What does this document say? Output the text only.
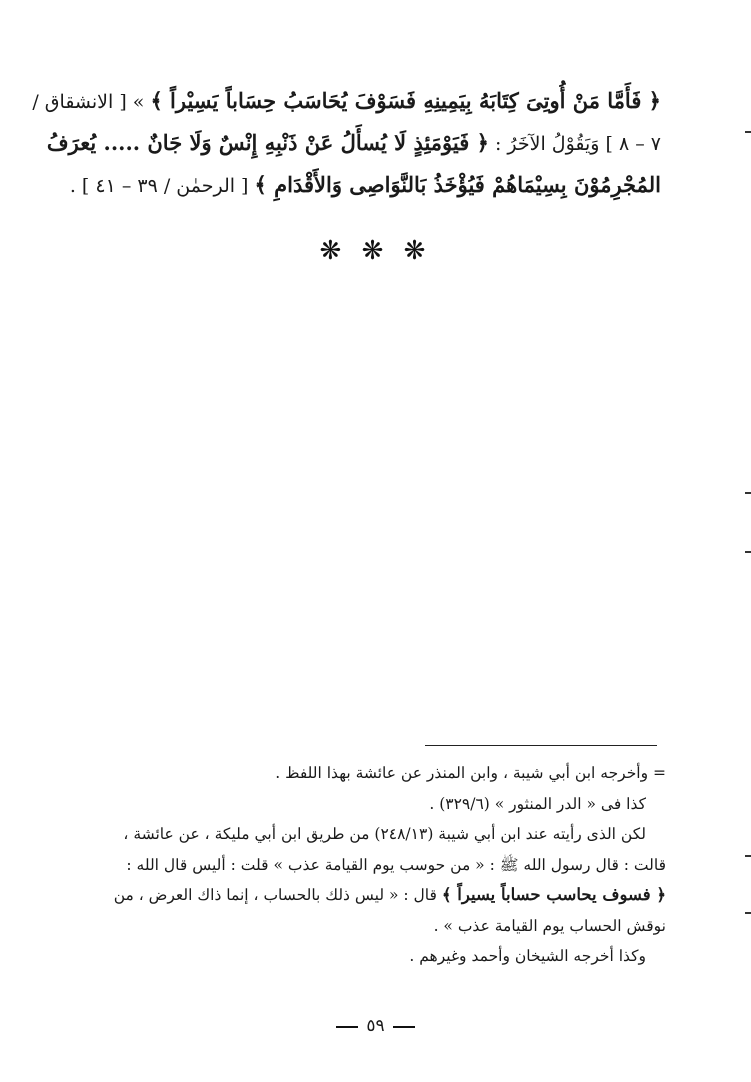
﴿ فَأَمَّا مَنْ أُوتِىَ كِتَابَهُ بِيَمِينِهِ فَسَوْفَ يُحَاسَبُ حِسَاباً يَسِيْراً ﴾ » [ الانشقاق /
٧ – ٨ ] وَيَقُوْلُ الآخَرُ : ﴿ فَيَوْمَئِذٍ لَا يُسأَلُ عَنْ ذَنْبِهِ إِنْسٌ وَلَا جَانٌ ..... يُعرَفُ
المُجْرِمُوْنَ بِسِيْمَاهُمْ فَيُؤْخَذُ بَالنَّوَاصِى وَالأَقْدَامِ ﴾ [ الرحمٰن / ٣٩ – ٤١ ] .
❋ ❋ ❋
= وأخرجه ابن أبي شيبة ، وابن المنذر عن عائشة بهذا اللفظ .
كذا فى « الدر المنثور » (٣٢٩/٦) .
لكن الذى رأيته عند ابن أبي شيبة (٢٤٨/١٣) من طريق ابن أبي مليكة ، عن عائشة ،
قالت : قال رسول الله ﷺ : « من حوسب يوم القيامة عذب » قلت : أليس قال الله :
﴿ فسوف يحاسب حساباً يسيراً ﴾ قال : « ليس ذلك بالحساب ، إنما ذاك العرض ، من
نوقش الحساب يوم القيامة عذب » .
وكذا أخرجه الشيخان وأحمد وغيرهم .
٥٩
